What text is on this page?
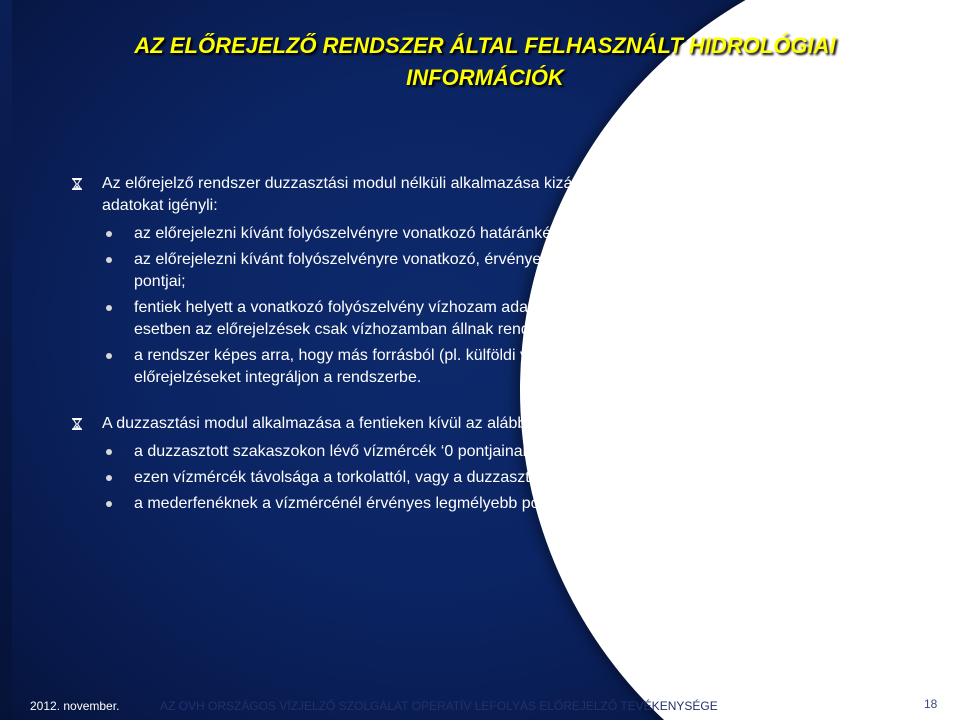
AZ ELŐREJELZŐ RENDSZER ÁLTAL FELHASZNÁLT HIDROLÓGIAI
INFORMÁCIÓK
Az előrejelző rendszer duzzasztási modul nélküli alkalmazása kizárólag az alábbi hidrológiai adatokat igényli:
az előrejelezni kívánt folyószelvényre vonatkozó határánkénti vízállás értékek;
az előrejelezni kívánt folyószelvényre vonatkozó, érvényes kétváltozós vízhozamgörbe pontjai;
fentiek helyett a vonatkozó folyószelvény vízhozam adatai is elegendőek, de ebben az esetben az előrejelzések csak vízhozamban állnak rendelkezésre.
a rendszer képes arra, hogy más forrásból (pl. külföldi vízügyi szervek) elérhető előrejelzéseket integráljon a rendszerbe.
A duzzasztási modul alkalmazása a fentieken kívül az alábbi adatok ismeretét igényli:
a duzzasztott szakaszokon lévő vízmércék ‘0 pontjainak a magassága;
ezen vízmércék távolsága a torkolattól, vagy a duzzasztótól;
a mederfenéknek a vízmércénél érvényes legmélyebb pontja.
2012. november.	AZ OVH ORSZÁGOS VÍZJELZŐ SZOLGÁLAT OPERATÍV LEFOLYÁS ELŐREJELZŐ TEVÉKENYSÉGE	18
